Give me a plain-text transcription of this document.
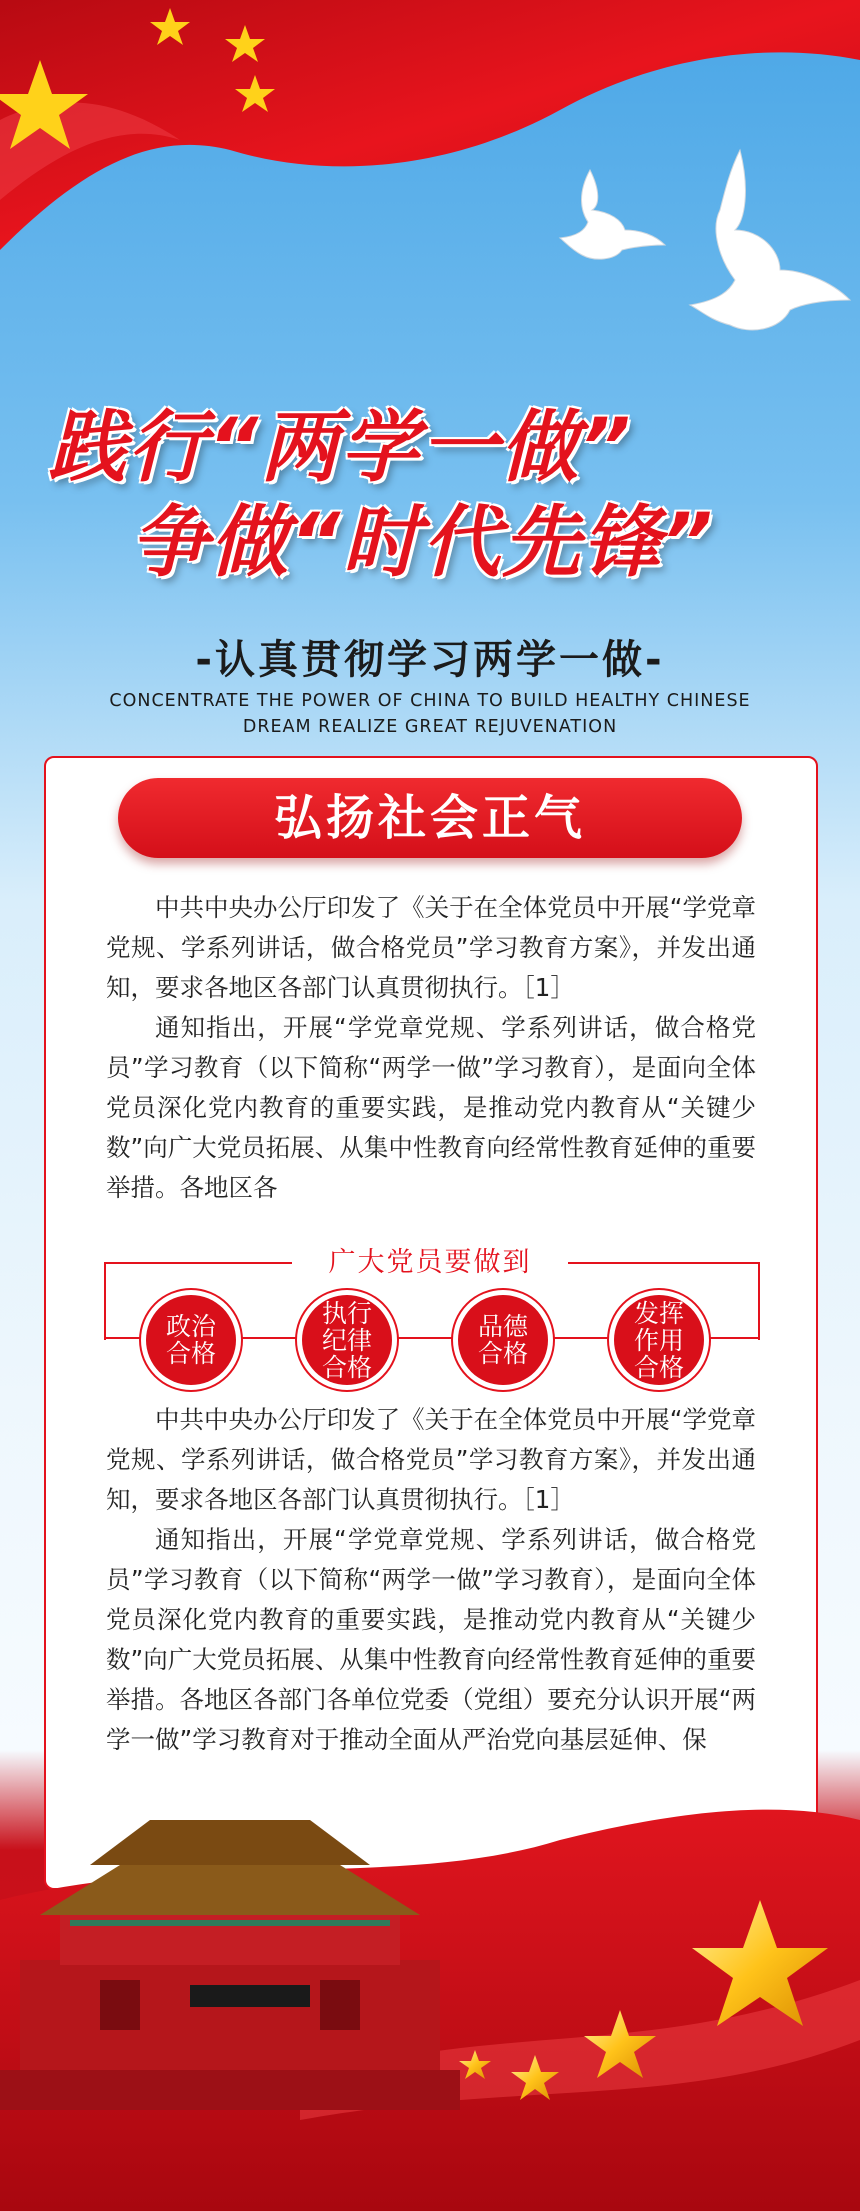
践行“两学一做”
争做“时代先锋”
-认真贯彻学习两学一做-
CONCENTRATE THE POWER OF CHINA TO BUILD HEALTHY CHINESE
DREAM REALIZE GREAT REJUVENATION
弘扬社会正气

中共中央办公厅印发了《关于在全体党员中开展“学党章党规、学系列讲话，做合格党员”学习教育方案》，并发出通知，要求各地区各部门认真贯彻执行。［1］

通知指出，开展“学党章党规、学系列讲话，做合格党员”学习教育（以下简称“两学一做”学习教育），是面向全体党员深化党内教育的重要实践，是推动党内教育从“关键少数”向广大党员拓展、从集中性教育向经常性教育延伸的重要举措。各地区各

广大党员要做到
政治合格
执行纪律合格
品德合格
发挥作用合格

中共中央办公厅印发了《关于在全体党员中开展“学党章党规、学系列讲话，做合格党员”学习教育方案》，并发出通知，要求各地区各部门认真贯彻执行。［1］

通知指出，开展“学党章党规、学系列讲话，做合格党员”学习教育（以下简称“两学一做”学习教育），是面向全体党员深化党内教育的重要实践，是推动党内教育从“关键少数”向广大党员拓展、从集中性教育向经常性教育延伸的重要举措。各地区各部门各单位党委（党组）要充分认识开展“两学一做”学习教育对于推动全面从严治党向基层延伸、保
